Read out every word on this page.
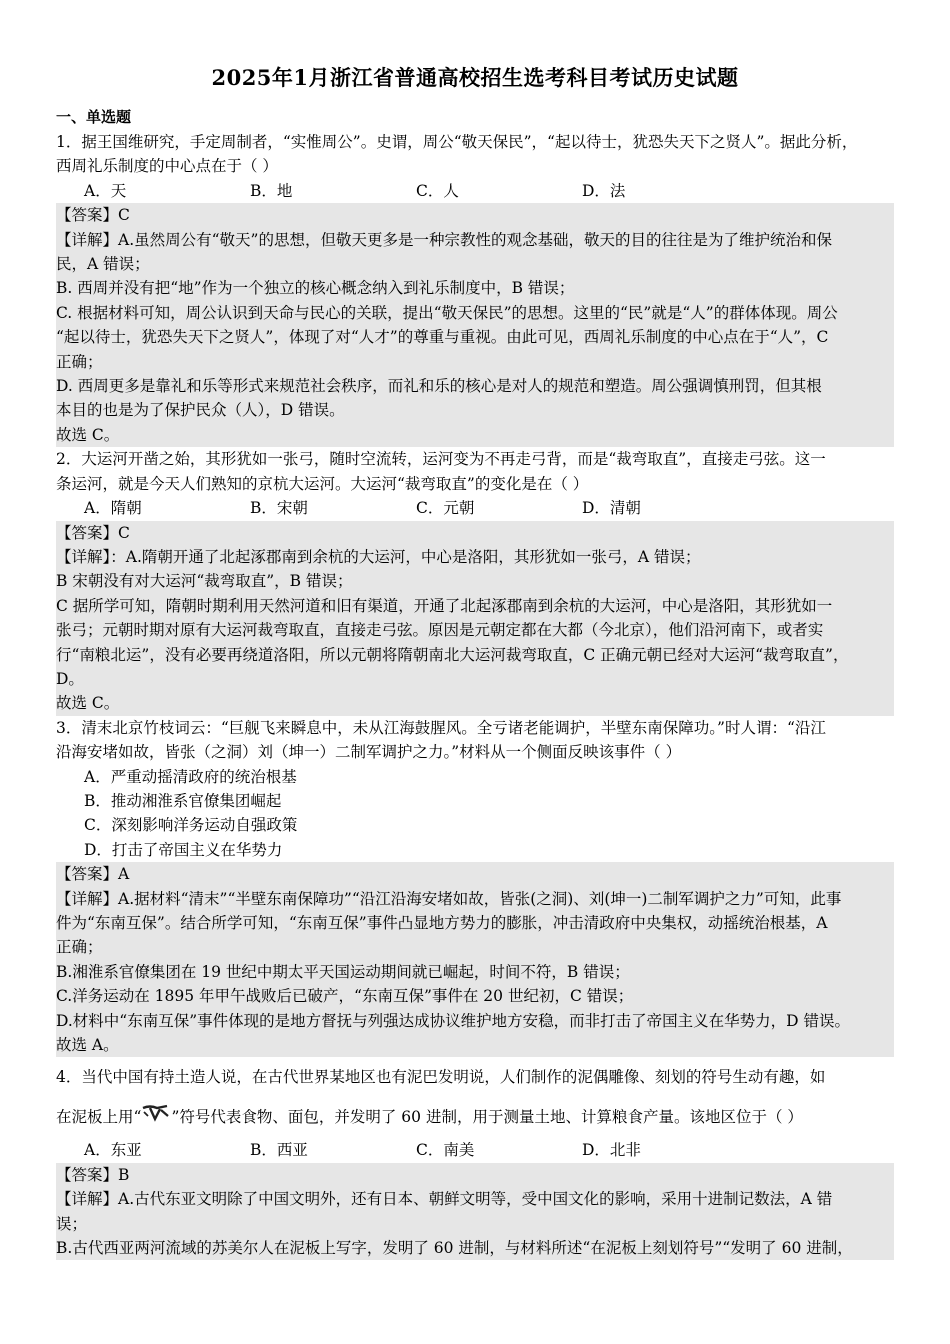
2025年1月浙江省普通高校招生选考科目考试历史试题
一、单选题

1．据王国维研究，手定周制者，“实惟周公”。史谓，周公“敬天保民”，“起以待士，犹恐失天下之贤人”。据此分析，

西周礼乐制度的中心点在于（ ）

A．天	B．地	C．人	D．法

【答案】C

【详解】A.虽然周公有“敬天”的思想，但敬天更多是一种宗教性的观念基础，敬天的目的往往是为了维护统治和保

民，A 错误；

B. 西周并没有把“地”作为一个独立的核心概念纳入到礼乐制度中，B 错误；

C. 根据材料可知，周公认识到天命与民心的关联，提出“敬天保民”的思想。这里的“民”就是“人”的群体体现。周公

“起以待士，犹恐失天下之贤人”，体现了对“人才”的尊重与重视。由此可见，西周礼乐制度的中心点在于“人”，C

正确；

D. 西周更多是靠礼和乐等形式来规范社会秩序，而礼和乐的核心是对人的规范和塑造。周公强调慎刑罚，但其根

本目的也是为了保护民众（人），D 错误。

故选 C。

2．大运河开凿之始，其形犹如一张弓，随时空流转，运河变为不再走弓背，而是“裁弯取直”，直接走弓弦。这一

条运河，就是今天人们熟知的京杭大运河。大运河“裁弯取直”的变化是在（ ）

A．隋朝	B．宋朝	C．元朝	D．清朝

【答案】C

【详解】：A.隋朝开通了北起涿郡南到余杭的大运河，中心是洛阳，其形犹如一张弓，A 错误；

B 宋朝没有对大运河“裁弯取直”，B 错误；

C 据所学可知，隋朝时期利用天然河道和旧有渠道，开通了北起涿郡南到余杭的大运河，中心是洛阳，其形犹如一

张弓；元朝时期对原有大运河裁弯取直，直接走弓弦。原因是元朝定都在大都（今北京），他们沿河南下，或者实

行“南粮北运”，没有必要再绕道洛阳，所以元朝将隋朝南北大运河裁弯取直，C 正确元朝已经对大运河“裁弯取直”，

D。

故选 C。

3．清末北京竹枝词云：“巨舰飞来瞬息中，未从江海鼓腥风。全亏诸老能调护，半壁东南保障功。”时人谓：“沿江

沿海安堵如故，皆张（之洞）刘（坤一）二制军调护之力。”材料从一个侧面反映该事件（ ）

A．严重动摇清政府的统治根基
B．推动湘淮系官僚集团崛起
C．深刻影响洋务运动自强政策
D．打击了帝国主义在华势力

【答案】A

【详解】A.据材料“清末”“半壁东南保障功”“沿江沿海安堵如故，皆张(之洞)、刘(坤一)二制军调护之力”可知，此事

件为“东南互保”。结合所学可知，“东南互保”事件凸显地方势力的膨胀，冲击清政府中央集权，动摇统治根基，A

正确；

B.湘淮系官僚集团在 19 世纪中期太平天国运动期间就已崛起，时间不符，B 错误；

C.洋务运动在 1895 年甲午战败后已破产，“东南互保”事件在 20 世纪初，C 错误；

D.材料中“东南互保”事件体现的是地方督抚与列强达成协议维护地方安稳，而非打击了帝国主义在华势力，D 错误。

故选 A。

4．当代中国有持土造人说，在古代世界某地区也有泥巴发明说，人们制作的泥偶雕像、刻划的符号生动有趣，如

在泥板上用“ ”符号代表食物、面包，并发明了 60 进制，用于测量土地、计算粮食产量。该地区位于（ ）

A．东亚	B．西亚	C．南美	D．北非

【答案】B

【详解】A.古代东亚文明除了中国文明外，还有日本、朝鲜文明等，受中国文化的影响，采用十进制记数法，A 错

误；

B.古代西亚两河流域的苏美尔人在泥板上写字，发明了 60 进制，与材料所述“在泥板上刻划符号”“发明了 60 进制，
